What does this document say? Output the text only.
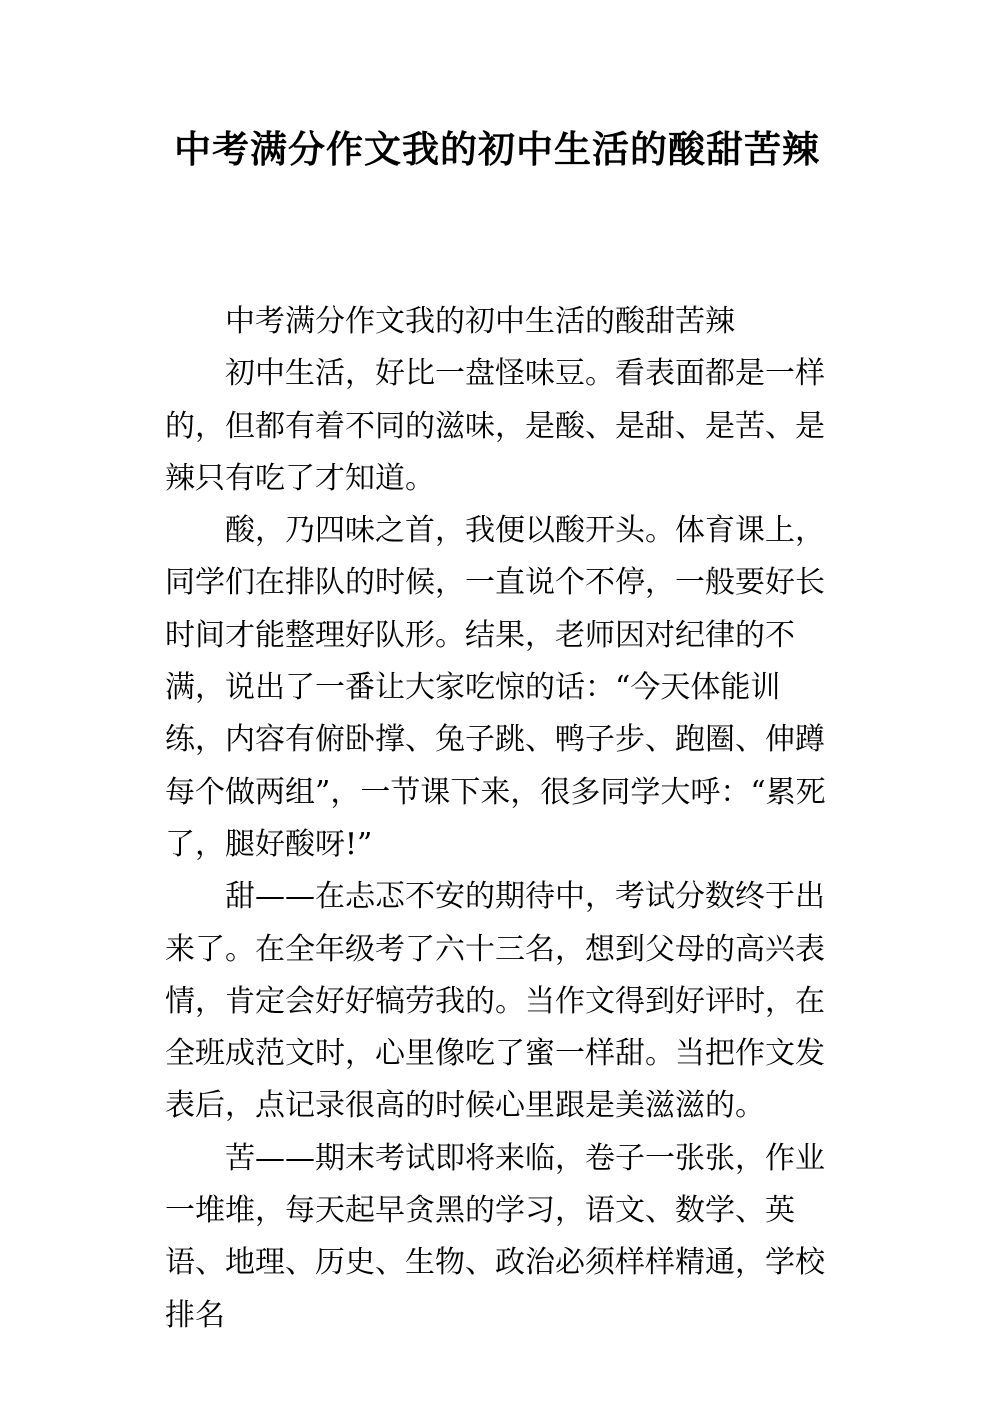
中考满分作文我的初中生活的酸甜苦辣

中考满分作文我的初中生活的酸甜苦辣

初中生活，好比一盘怪味豆。看表面都是一样的，但都有着不同的滋味，是酸、是甜、是苦、是辣只有吃了才知道。

酸，乃四味之首，我便以酸开头。体育课上，同学们在排队的时候，一直说个不停，一般要好长时间才能整理好队形。结果，老师因对纪律的不满，说出了一番让大家吃惊的话：“今天体能训练，内容有俯卧撑、兔子跳、鸭子步、跑圈、伸蹲每个做两组”，一节课下来，很多同学大呼：“累死了，腿好酸呀!”

甜——在忐忑不安的期待中，考试分数终于出来了。在全年级考了六十三名，想到父母的高兴表情，肯定会好好犒劳我的。当作文得到好评时，在全班成范文时，心里像吃了蜜一样甜。当把作文发表后，点记录很高的时候心里跟是美滋滋的。

苦——期末考试即将来临，卷子一张张，作业一堆堆，每天起早贪黑的学习，语文、数学、英语、地理、历史、生物、政治必须样样精通，学校排名
